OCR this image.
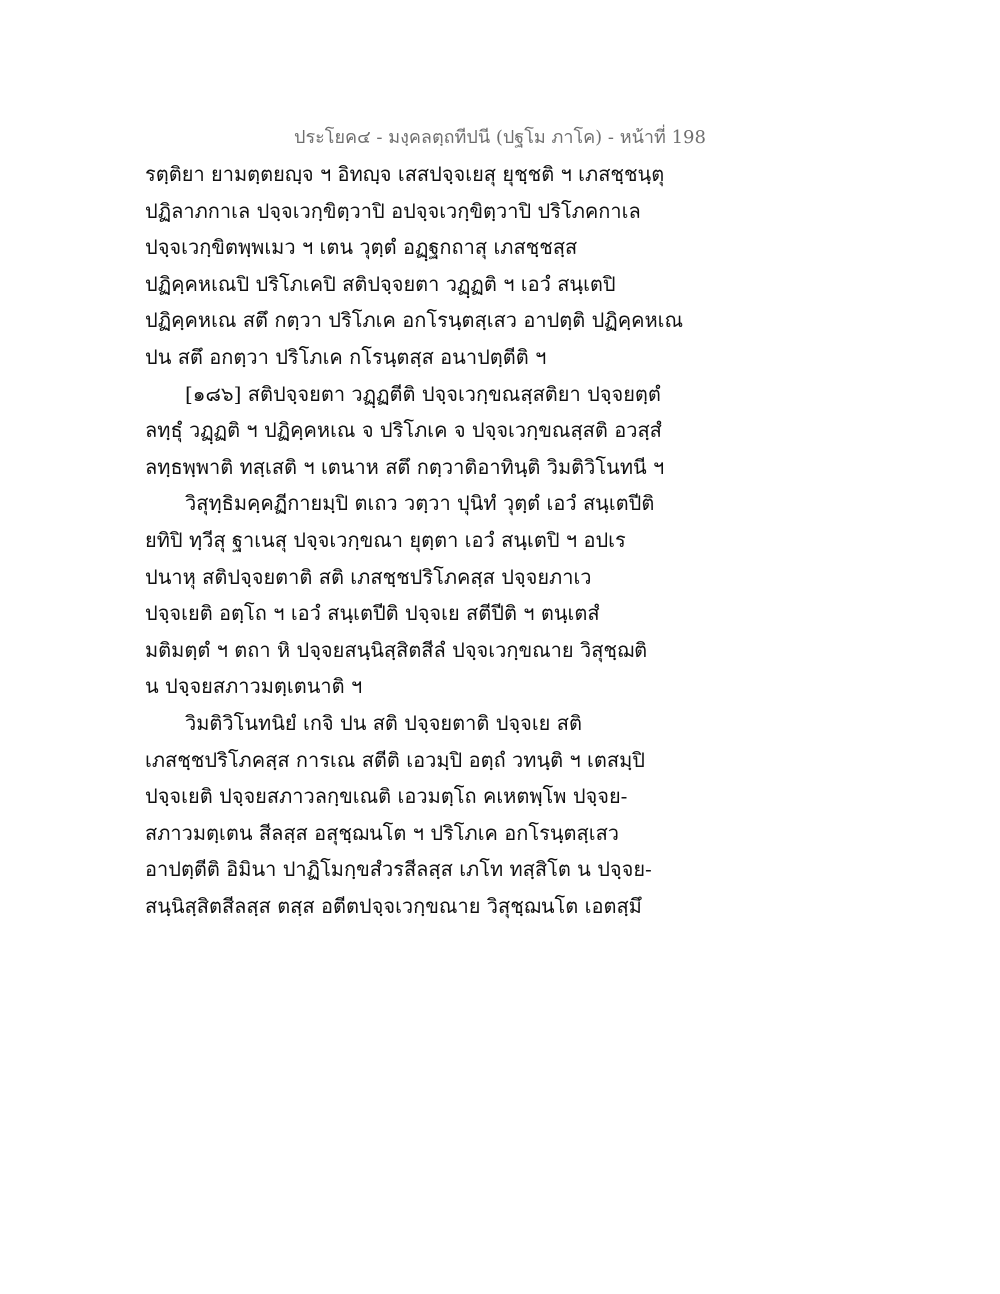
ประโยค๔ - มงฺคลตฺถทีปนี (ปฐโม ภาโค) - หน้าที่ 198
รตฺติยา ยามตฺตยญฺจ ฯ อิทญฺจ เสสปจฺจเยสุ ยุชฺชติ ฯ เภสชฺชนฺตุ
ปฏิลาภกาเล ปจฺจเวกฺขิตฺวาปิ อปจฺจเวกฺขิตฺวาปิ ปริโภคกาเล
ปจฺจเวกฺขิตพฺพเมว ฯ เตน วุตฺตํ อฏฺฐกถาสุ เภสชฺชสฺส
ปฏิคฺคหเณปิ ปริโภเคปิ สติปจฺจยตา วฏฺฏติ ฯ เอวํ สนฺเตปิ
ปฏิคฺคหเณ สตึ กตฺวา ปริโภเค อกโรนฺตสฺเสว อาปตฺติ ปฏิคฺคหเณ
ปน สตึ อกตฺวา ปริโภเค กโรนฺตสฺส อนาปตฺตีติ ฯ
[๑๘๖] สติปจฺจยตา วฏฺฏตีติ ปจฺจเวกฺขณสฺสติยา ปจฺจยตฺตํ
ลทฺธุํ วฏฺฏติ ฯ ปฏิคฺคหเณ จ ปริโภเค จ ปจฺจเวกฺขณสฺสติ อวสฺสํ
ลทฺธพฺพาติ ทสฺเสติ ฯ เตนาห สตึ กตฺวาติอาทินฺติ วิมติวิโนทนี ฯ
วิสุทฺธิมคฺคฏีกายมฺปิ ตเถว วตฺวา ปุนิทํ วุตฺตํ เอวํ สนฺเตปีติ
ยทิปิ ทฺวีสุ ฐาเนสุ ปจฺจเวกฺขณา ยุตฺตา เอวํ สนฺเตปิ ฯ อปเร
ปนาหุ สติปจฺจยตาติ สติ เภสชฺชปริโภคสฺส ปจฺจยภาเว
ปจฺจเยติ อตฺโถ ฯ เอวํ สนฺเตปีติ ปจฺจเย สตีปีติ ฯ ตนฺเตสํ
มติมตฺตํ ฯ ตถา หิ ปจฺจยสนฺนิสฺสิตสีลํ ปจฺจเวกฺขณาย วิสุชฺฌติ
น ปจฺจยสภาวมตฺเตนาติ ฯ
วิมติวิโนทนิยํ เกจิ ปน สติ ปจฺจยตาติ ปจฺจเย สติ
เภสชฺชปริโภคสฺส การเณ สตีติ เอวมฺปิ อตฺถํ วทนฺติ ฯ เตสมฺปิ
ปจฺจเยติ ปจฺจยสภาวลกฺขเณติ เอวมตฺโถ คเหตพฺโพ ปจฺจย-
สภาวมตฺเตน สีลสฺส อสุชฺฌนโต ฯ ปริโภเค อกโรนฺตสฺเสว
อาปตฺตีติ อิมินา ปาฏิโมกฺขสํวรสีลสฺส เภโท ทสฺสิโต น ปจฺจย-
สนฺนิสฺสิตสีลสฺส ตสฺส อตีตปจฺจเวกฺขณาย วิสุชฺฌนโต เอตสฺมึ
